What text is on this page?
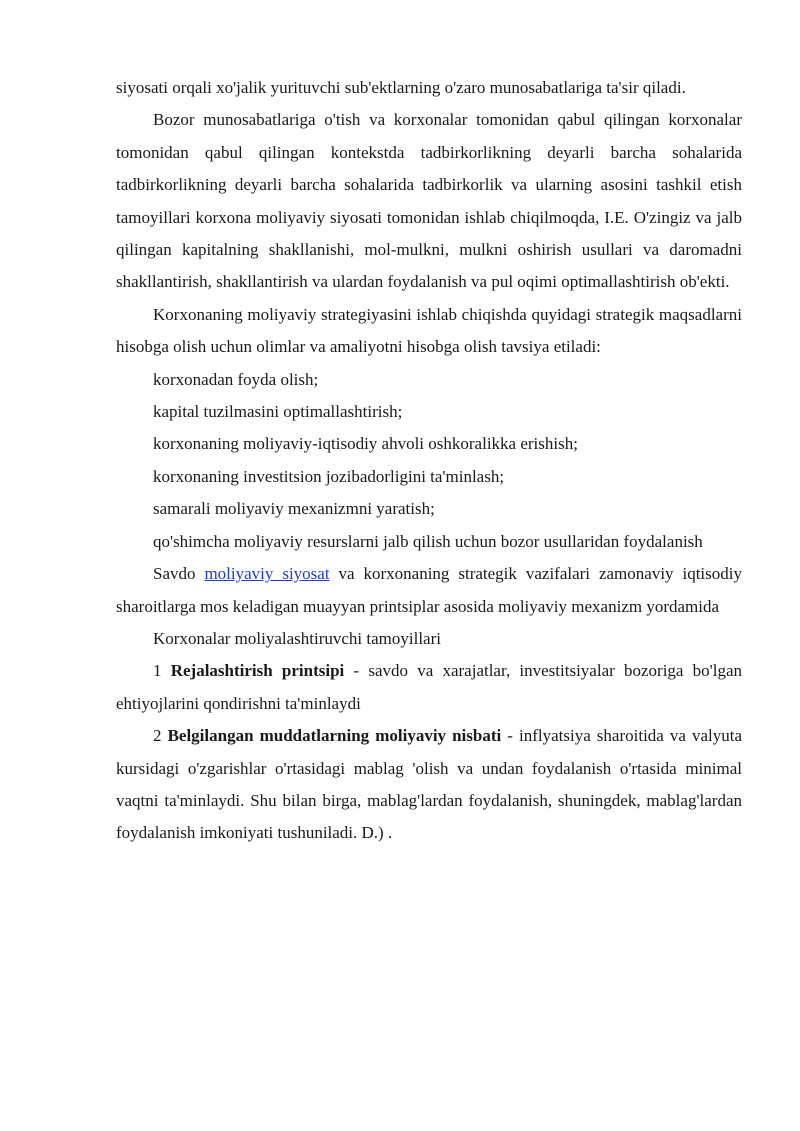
siyosati orqali xo'jalik yurituvchi sub'ektlarning o'zaro munosabatlariga ta'sir qiladi.

Bozor munosabatlariga o'tish va korxonalar tomonidan qabul qilingan korxonalar tomonidan qabul qilingan kontekstda tadbirkorlikning deyarli barcha sohalarida tadbirkorlikning deyarli barcha sohalarida tadbirkorlik va ularning asosini tashkil etish tamoyillari korxona moliyaviy siyosati tomonidan ishlab chiqilmoqda, I.E. O'zingiz va jalb qilingan kapitalning shakllanishi, mol-mulkni, mulkni oshirish usullari va daromadni shakllantirish, shakllantirish va ulardan foydalanish va pul oqimi optimallashtirish ob'ekti.

Korxonaning moliyaviy strategiyasini ishlab chiqishda quyidagi strategik maqsadlarni hisobga olish uchun olimlar va amaliyotni hisobga olish tavsiya etiladi:

korxonadan foyda olish;

kapital tuzilmasini optimallashtirish;

korxonaning moliyaviy-iqtisodiy ahvoli oshkoralikka erishish;

korxonaning investitsion jozibadorligini ta'minlash;

samarali moliyaviy mexanizmni yaratish;

qo'shimcha moliyaviy resurslarni jalb qilish uchun bozor usullaridan foydalanish

Savdo moliyaviy siyosat va korxonaning strategik vazifalari zamonaviy iqtisodiy sharoitlarga mos keladigan muayyan printsiplar asosida moliyaviy mexanizm yordamida

Korxonalar moliyalashtiruvchi tamoyillari

1 Rejalashtirish printsipi - savdo va xarajatlar, investitsiyalar bozoriga bo'lgan ehtiyojlarini qondirishni ta'minlaydi

2 Belgilangan muddatlarning moliyaviy nisbati - inflyatsiya sharoitida va valyuta kursidagi o'zgarishlar o'rtasidagi mablag 'olish va undan foydalanish o'rtasida minimal vaqtni ta'minlaydi. Shu bilan birga, mablag'lardan foydalanish, shuningdek, mablag'lardan foydalanish imkoniyati tushuniladi. D.) .
